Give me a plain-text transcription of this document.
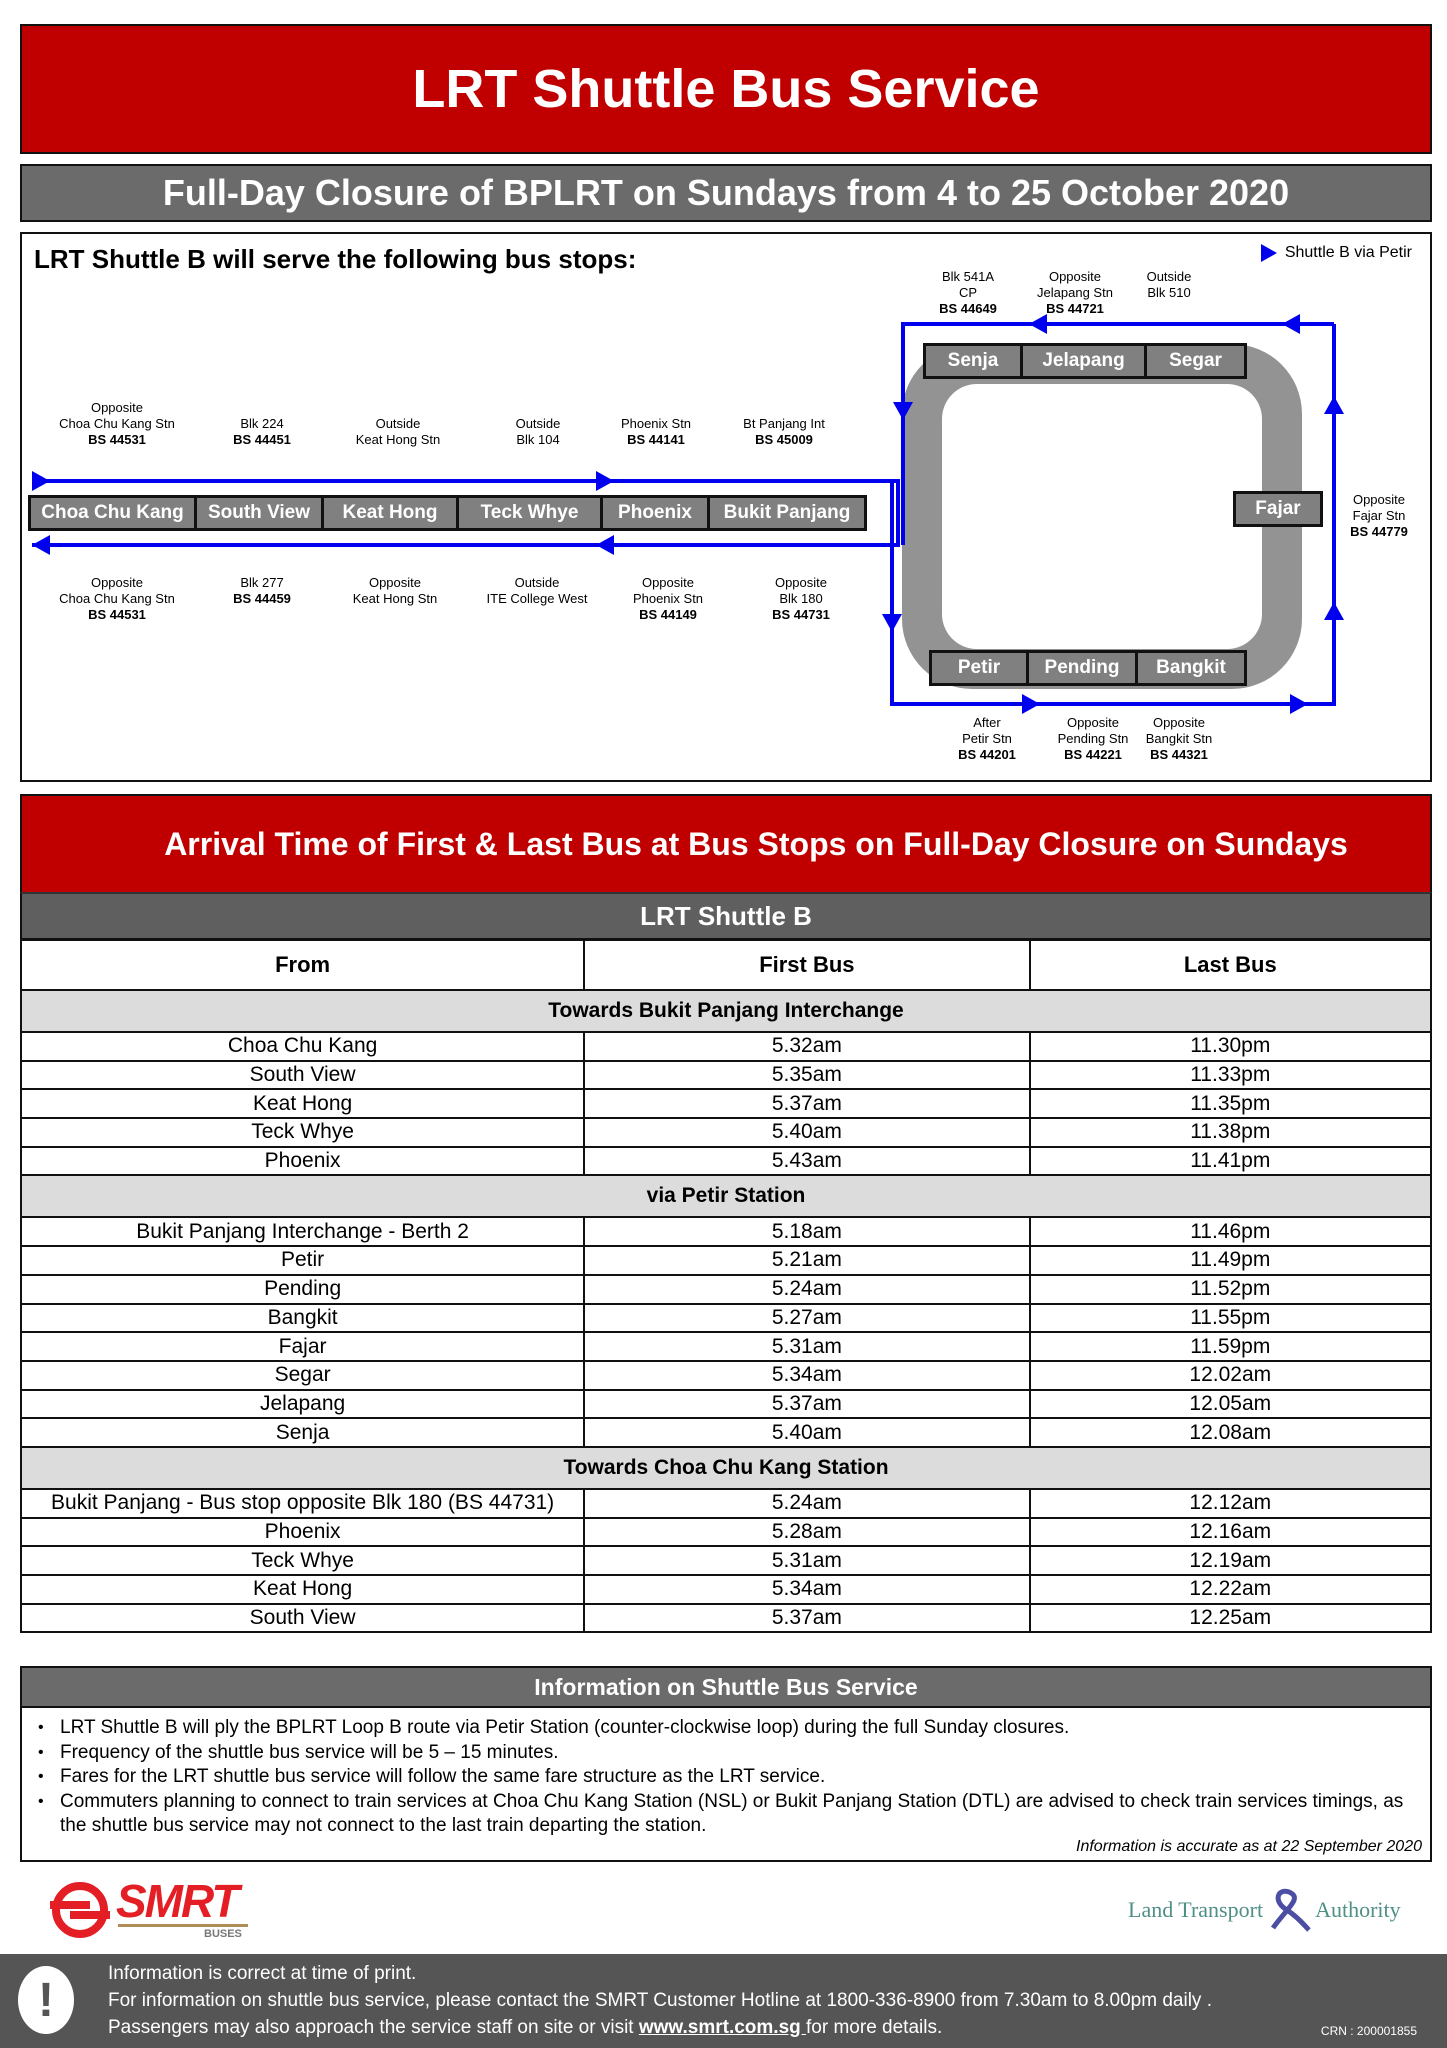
LRT Shuttle Bus Service
Full-Day Closure of BPLRT on Sundays from 4 to 25 October 2020
LRT Shuttle B will serve the following bus stops:	Shuttle B via Petir
Choa Chu Kang	South View	Keat Hong	Teck Whye	Phoenix	Bukit Panjang
Senja	Jelapang	Segar
Fajar
Petir	Pending	Bangkit
Opposite
Choa Chu Kang Stn
BS 44531
Blk 224
BS 44451
Outside
Keat Hong Stn
Outside
Blk 104
Phoenix Stn
BS 44141
Bt Panjang Int
BS 45009
Opposite
Choa Chu Kang Stn
BS 44531
Blk 277
BS 44459
Opposite
Keat Hong Stn
Outside
ITE College West
Opposite
Phoenix Stn
BS 44149
Opposite
Blk 180
BS 44731
Blk 541A
CP
BS 44649
Opposite
Jelapang Stn
BS 44721
Outside
Blk 510
Opposite
Fajar Stn
BS 44779
After
Petir Stn
BS 44201
Opposite
Pending Stn
BS 44221
Opposite
Bangkit Stn
BS 44321
Arrival Time of First & Last Bus at Bus Stops on Full-Day Closure on Sundays
LRT Shuttle B
From	First Bus	Last Bus
Towards Bukit Panjang Interchange		
Choa Chu Kang	5.32am	11.30pm
South View	5.35am	11.33pm
Keat Hong	5.37am	11.35pm
Teck Whye	5.40am	11.38pm
Phoenix	5.43am	11.41pm
via Petir Station		
Bukit Panjang Interchange - Berth 2	5.18am	11.46pm
Petir	5.21am	11.49pm
Pending	5.24am	11.52pm
Bangkit	5.27am	11.55pm
Fajar	5.31am	11.59pm
Segar	5.34am	12.02am
Jelapang	5.37am	12.05am
Senja	5.40am	12.08am
Towards Choa Chu Kang Station		
Bukit Panjang - Bus stop opposite Blk 180 (BS 44731)	5.24am	12.12am
Phoenix	5.28am	12.16am
Teck Whye	5.31am	12.19am
Keat Hong	5.34am	12.22am
South View	5.37am	12.25am
Information on Shuttle Bus Service
• LRT Shuttle B will ply the BPLRT Loop B route via Petir Station (counter-clockwise loop) during the full Sunday closures.
• Frequency of the shuttle bus service will be 5 – 15 minutes.
• Fares for the LRT shuttle bus service will follow the same fare structure as the LRT service.
• Commuters planning to connect to train services at Choa Chu Kang Station (NSL) or Bukit Panjang Station (DTL) are advised to check train services timings, as the shuttle bus service may not connect to the last train departing the station.
Information is accurate as at 22 September 2020
SMRT
BUSES
Land Transport Authority
!	Information is correct at time of print.
For information on shuttle bus service, please contact the SMRT Customer Hotline at 1800-336-8900 from 7.30am to 8.00pm daily .
Passengers may also approach the service staff on site or visit www.smrt.com.sg for more details.	CRN : 200001855
